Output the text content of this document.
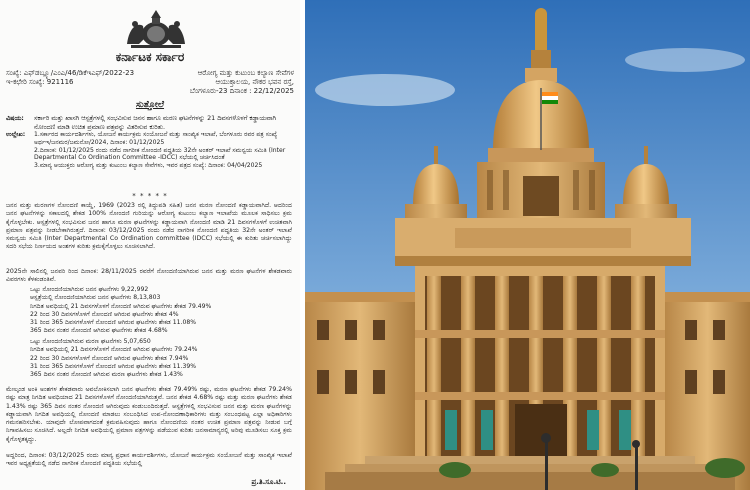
ಕರ್ನಾಟಕ ಸರ್ಕಾರ
ಸಂಖ್ಯೆ: ಎಫ್‌ಡಬ್ಲ್ಯೂ/ಎಂಎ/46/ಡಿಕೆಇಎಫ್/2022-23	ಆರೋಗ್ಯ ಮತ್ತು ಕುಟುಂಬ ಕಲ್ಯಾಣ ಸೇವೆಗಳ
ಇ-ಕಛೇರಿ ಸಂಖ್ಯೆ: 921116	ಆಯುಕ್ತಾಲಯ, ನೌಕರ ಭವನ ರಸ್ತೆ,
ಬೆಂಗಳೂರು-23 ದಿನಾಂಕ : 22/12/2025
ಸುತ್ತೋಲೆ
ವಿಷಯ: ಸರ್ಕಾರಿ ಮತ್ತು ಖಾಸಗಿ ಆಸ್ಪತ್ರೆಗಳಲ್ಲಿ ಸಂಭವಿಸುವ ಜನನ ಹಾಗೂ ಮರಣ ಘಟನೆಗಳನ್ನು 21 ದಿವಸಗಳೊಳಗೆ ಕಡ್ಡಾಯವಾಗಿ ನೋಂದಣಿ ಮಾಡಿ ಉಚಿತ ಪ್ರಮಾಣ ಪತ್ರವನ್ನು ವಿತರಿಸುವ ಕುರಿತು.
ಉಲ್ಲೇಖ: 1.ಸರ್ಕಾರದ ಕಾರ್ಯದರ್ಶಿಗಳು, ಯೋಜನೆ ಕಾರ್ಯಕ್ರಮ ಸಂಯೋಜನೆ ಮತ್ತು ಸಾಂಖ್ಯಿಕ ಇಲಾಖೆ, ಬೆಂಗಳೂರು ರವರ ಪತ್ರ ಸಂಖ್ಯೆ ಅರ್ಥಇ/ಜನಮರ/ಜಮನೋ/2024, ದಿನಾಂಕ: 01/12/2025
2.ದಿನಾಂಕ: 01/12/2025 ರಂದು ನಡೆದ ನಾಗರೀಕ ನೋಂದಣಿ ಪದ್ಧತಿಯ 32ನೇ ಅಂತರ್ ಇಲಾಖೆ ಸಮನ್ವಯ ಸಮಿತಿ (Inter Departmental Co Ordination Committee -IDCC) ಸಭೆಯಲ್ಲಿ ಚರ್ಚಿಸಿದಂತೆ
3.ಮಾನ್ಯ ಆಯುಕ್ತರು ಆರೋಗ್ಯ ಮತ್ತು ಕುಟುಂಬ ಕಲ್ಯಾಣ ಸೇವೆಗಳು, ಇವರ ಪತ್ರದ ಸಂಖ್ಯೆ: ದಿನಾಂಕ: 04/04/2025
* * * * *
ಜನನ ಮತ್ತು ಮರಣಗಳ ನೋಂದಣಿ ಕಾಯ್ದೆ, 1969 (2023 ರಲ್ಲಿ ತಿದ್ದುಪಡಿ ಸಹಿತ) ಜನನ ಮರಣ ನೋಂದಣಿ ಕಡ್ಡಾಯವಾಗಿದೆ. ಆದರಿಂದ ಜನನ ಘಟನೆಗಳನ್ನು ಸಕಾಲದಲ್ಲಿ ಶೇಕಡ 100% ನೋಂದಣಿ ಗುರಿಯನ್ನು ಆರೋಗ್ಯ ಕುಟುಂಬ ಕಲ್ಯಾಣ ಇಲಾಖೆಯ ಮೂಲಕ ಸಾಧಿಸಲು ಕ್ರಮ ಕೈಗೊಳ್ಳಬೇಕು. ಆಸ್ಪತ್ರೆಗಳಲ್ಲಿ ಸಂಭವಿಸುವ ಜನನ ಹಾಗೂ ಮರಣ ಘಟನೆಗಳನ್ನು ಕಡ್ಡಾಯವಾಗಿ ನೋಂದಣಿ ಮಾಡಿ 21 ದಿವಸಗಳೊಳಗೆ ಉಚಿತವಾಗಿ ಪ್ರಮಾಣ ಪತ್ರವನ್ನು ನೀಡಬೇಕಾಗಿರುತ್ತದೆ. ದಿನಾಂಕ: 03/12/2025 ರಂದು ನಡೆದ ನಾಗರೀಕ ನೋಂದಣಿ ಪದ್ಧತಿಯ 32ನೇ ಅಂತರ್ ಇಲಾಖೆ ಸಮನ್ವಯ ಸಮಿತಿ (Inter Departmental Co Ordination committee (IDCC) ಸಭೆಯಲ್ಲಿ ಈ ಕುರಿತು ಚರ್ಚಿಸಲಾಗಿದ್ದು ಸದರಿ ಸಭೆಯ ನಿರ್ಣಯದ ಅಂಶಗಳ ಕುರಿತು ಕ್ರಮಕೈಗೊಳ್ಳಲು ಸೂಚಿಸಲಾಗಿದೆ.
2025ನೇ ಸಾಲಿನಲ್ಲಿ ಜನವರಿ ರಿಂದ ದಿನಾಂಕ: 28/11/2025 ರವರೆಗೆ ನೋಂದಣಿಯಾಗಿರುವ ಜನನ ಮತ್ತು ಮರಣ ಘಟನೆಗಳ ಶೇಕಡವಾರು ವಿವರಗಳು ಕೆಳಕಂಡಂತಿವೆ.
ಒಟ್ಟು ನೋಂದಣಿಯಾಗಿರುವ ಜನನ ಘಟನೆಗಳು 9,22,992
ಆಸ್ಪತ್ರೆಯಲ್ಲಿ ನೋಂದಣಿಯಾಗಿರುವ ಜನನ ಘಟನೆಗಳು 8,13,803
ನಿಗದಿತ ಅವಧಿಯಲ್ಲಿ 21 ದಿವಸಗಳೊಳಗೆ ನೋಂದಣಿ ಆಗಿರುವ ಘಟನೆಗಳು ಶೇಕಡ 79.49%
22 ರಿಂದ 30 ದಿವಸಗಳೊಳಗೆ ನೋಂದಣಿ ಆಗಿರುವ ಘಟನೆಗಳು ಶೇಕಡ 4%
31 ರಿಂದ 365 ದಿವಸಗಳೊಳಗೆ ನೋಂದಣಿ ಆಗಿರುವ ಘಟನೆಗಳು ಶೇಕಡ 11.08%
365 ದಿವಸ ನಂತರ ನೋಂದಣಿ ಆಗಿರುವ ಘಟನೆಗಳು ಶೇಕಡ 4.68%
ಒಟ್ಟು ನೋಂದಣಿಯಾಗಿರುವ ಮರಣ ಘಟನೆಗಳು 5,07,650
ನಿಗದಿತ ಅವಧಿಯಲ್ಲಿ 21 ದಿವಸಗಳೊಳಗೆ ನೋಂದಣಿ ಆಗಿರುವ ಘಟನೆಗಳು 79.24%
22 ರಿಂದ 30 ದಿವಸಗಳೊಳಗೆ ನೋಂದಣಿ ಆಗಿರುವ ಘಟನೆಗಳು ಶೇಕಡ 7.94%
31 ರಿಂದ 365 ದಿವಸಗಳೊಳಗೆ ನೋಂದಣಿ ಆಗಿರುವ ಘಟನೆಗಳು ಶೇಕಡ 11.39%
365 ದಿವಸ ನಂತರ ನೋಂದಣಿ ಆಗಿರುವ ಮರಣ ಘಟನೆಗಳು ಶೇಕಡ 1.43%
ಮೇಲ್ಕಂಡ ಅಂಕಿ ಅಂಶಗಳ ಶೇಕಡವಾರು ಅವಲೋಕಿಸಲಾಗಿ ಜನನ ಘಟನೆಗಳು ಶೇಕಡ 79.49% ರಷ್ಟು, ಮರಣ ಘಟನೆಗಳು ಶೇಕಡ 79.24% ರಷ್ಟು ಮಾತ್ರ ನಿಗದಿತ ಅವಧಿಯಾದ 21 ದಿವಸಗಳೊಳಗೆ ನೋಂದಣಿಯಾಗಿರುತ್ತವೆ. ಜನನ ಶೇಕಡ 4.68% ರಷ್ಟು ಮತ್ತು ಮರಣ ಘಟನೆಗಳು ಶೇಕಡ 1.43% ರಷ್ಟು 365 ದಿವಸ ನಂತರ ನೋಂದಣಿ ಆಗಿರುವುದು ಕಂಡುಬಂದಿರುತ್ತದೆ. ಆಸ್ಪತ್ರೆಗಳಲ್ಲಿ ಸಂಭವಿಸುವ ಜನನ ಮತ್ತು ಮರಣ ಘಟನೆಗಳನ್ನು ಕಡ್ಡಾಯವಾಗಿ ನಿಗದಿತ ಅವಧಿಯಲ್ಲಿ ನೋಂದಣಿ ಮಾಡಲು ಸಂಬಂಧಿಸಿದ ಉಪ-ನೋಂದಣಾಧಿಕಾರಿಗಳು ಮತ್ತು ಸಂಬಂಧಪಟ್ಟ ಎಲ್ಲಾ ಅಧಿಕಾರಿಗಳು ಗಮನಹರಿಸಬೇಕು. ಯಾವುದೇ ಲೋಪವಾಗದಂತೆ ಕ್ರಮವಹಿಸುವುದು ಹಾಗೂ ನೋಂದಣಿಯ ನಂತರ ಉಚಿತ ಪ್ರಮಾಣ ಪತ್ರವನ್ನು ನೀಡುವ ಬಗ್ಗೆ ನಿಗಾವಹಿಸಲು ಸೂಚಿಸಿದೆ. ಅಲ್ಲದೇ ನಿಗದಿತ ಅವಧಿಯಲ್ಲಿ ಪ್ರಮಾಣ ಪತ್ರಗಳನ್ನು ಪಡೆಯುವ ಕುರಿತು ಜನಸಾಮಾನ್ಯರಲ್ಲಿ ಅರಿವು ಮೂಡಿಸಲು ಸೂಕ್ತ ಕ್ರಮ ಕೈಗೊಳ್ಳತಕ್ಕದ್ದು.
ಅದ್ದರಿಂದ, ದಿನಾಂಕ: 03/12/2025 ರಂದು ಮಾನ್ಯ ಪ್ರಧಾನ ಕಾರ್ಯದರ್ಶಿಗಳು, ಯೋಜನೆ ಕಾರ್ಯಕ್ರಮ ಸಂಯೋಜನೆ ಮತ್ತು ಸಾಂಖ್ಯಿಕ ಇಲಾಖೆ ಇವರ ಅಧ್ಯಕ್ಷತೆಯಲ್ಲಿ ನಡೆದ ನಾಗರೀಕ ನೋಂದಣಿ ಪದ್ಧತಿಯ ಸಭೆಯಲ್ಲಿ
ಪ್ರ.ತಿ.ಸೂ.ಟಿ..
